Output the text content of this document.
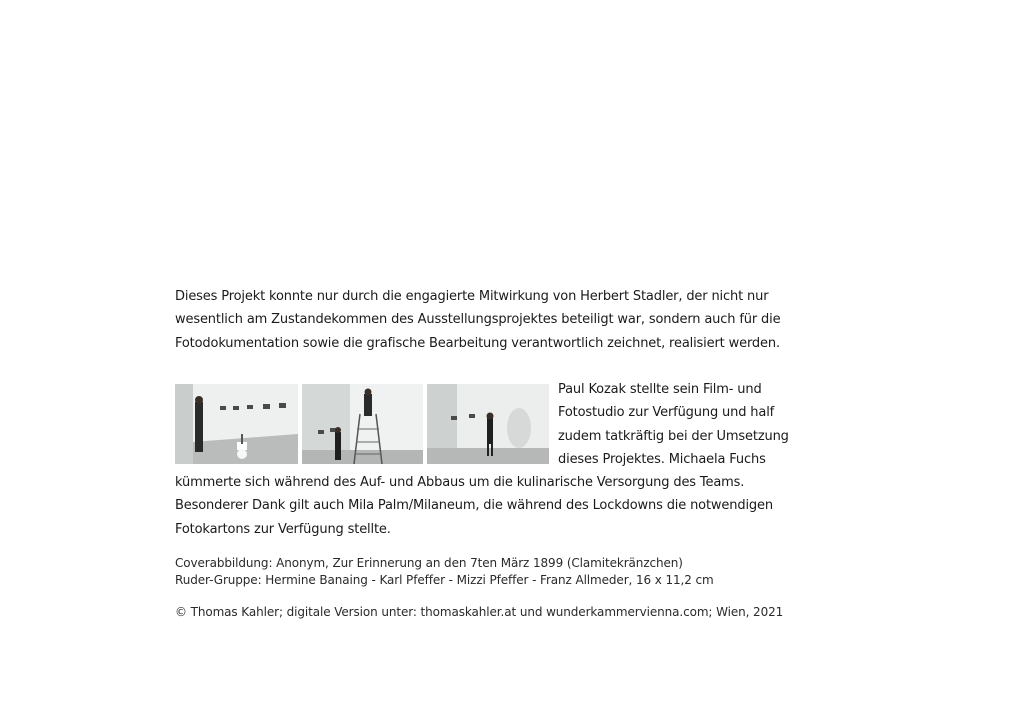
Dieses Projekt konnte nur durch die engagierte Mitwirkung von Herbert Stadler, der nicht nur
wesentlich am Zustandekommen des Ausstellungsprojektes beteiligt war, sondern auch für die
Fotodokumentation sowie die grafische Bearbeitung verantwortlich zeichnet, realisiert werden.

Paul Kozak stellte sein Film- und
Fotostudio zur Verfügung und half
zudem tatkräftig bei der Umsetzung
dieses Projektes. Michaela Fuchs

kümmerte sich während des Auf- und Abbaus um die kulinarische Versorgung des Teams.
Besonderer Dank gilt auch Mila Palm/Milaneum, die während des Lockdowns die notwendigen
Fotokartons zur Verfügung stellte.

Coverabbildung: Anonym, Zur Erinnerung an den 7ten März 1899 (Clamitekränzchen)
Ruder-Gruppe: Hermine Banaing - Karl Pfeffer - Mizzi Pfeffer - Franz Allmeder, 16 x 11,2 cm

© Thomas Kahler; digitale Version unter: thomaskahler.at und wunderkammervienna.com; Wien, 2021
